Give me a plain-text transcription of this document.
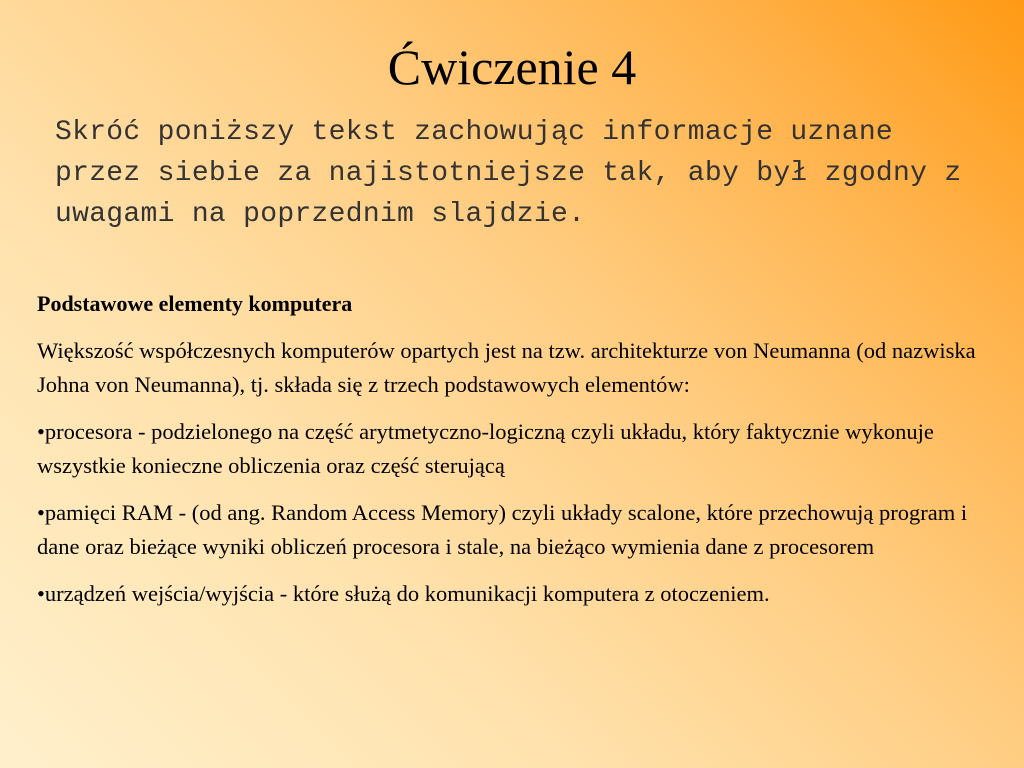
Ćwiczenie 4

Skróć poniższy tekst zachowując informacje uznane przez siebie za najistotniejsze tak, aby był zgodny z uwagami na poprzednim slajdzie.

Podstawowe elementy komputera

Większość współczesnych komputerów opartych jest na tzw. architekturze von Neumanna (od nazwiska Johna von Neumanna), tj. składa się z trzech podstawowych elementów:

•procesora - podzielonego na część arytmetyczno-logiczną czyli układu, który faktycznie wykonuje wszystkie konieczne obliczenia oraz część sterującą

•pamięci RAM - (od ang. Random Access Memory) czyli układy scalone, które przechowują program i dane oraz bieżące wyniki obliczeń procesora i stale, na bieżąco wymienia dane z procesorem

•urządzeń wejścia/wyjścia - które służą do komunikacji komputera z otoczeniem.
